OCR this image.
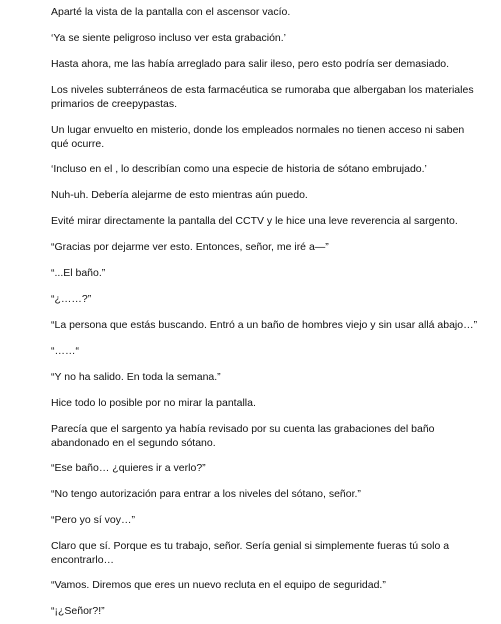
Aparté la vista de la pantalla con el ascensor vacío.

‘Ya se siente peligroso incluso ver esta grabación.’

Hasta ahora, me las había arreglado para salir ileso, pero esto podría ser demasiado.

Los niveles subterráneos de esta farmacéutica se rumoraba que albergaban los materiales
primarios de creepypastas.

Un lugar envuelto en misterio, donde los empleados normales no tienen acceso ni saben
qué ocurre.

‘Incluso en el , lo describían como una especie de historia de sótano embrujado.’

Nuh-uh. Debería alejarme de esto mientras aún puedo.

Evité mirar directamente la pantalla del CCTV y le hice una leve reverencia al sargento.

“Gracias por dejarme ver esto. Entonces, señor, me iré a—”

“...El baño.”

“¿……?”

“La persona que estás buscando. Entró a un baño de hombres viejo y sin usar allá abajo…”

“……“

“Y no ha salido. En toda la semana.”

Hice todo lo posible por no mirar la pantalla.

Parecía que el sargento ya había revisado por su cuenta las grabaciones del baño
abandonado en el segundo sótano.

“Ese baño… ¿quieres ir a verlo?”

“No tengo autorización para entrar a los niveles del sótano, señor.”

“Pero yo sí voy…”

Claro que sí. Porque es tu trabajo, señor. Sería genial si simplemente fueras tú solo a
encontrarlo…

“Vamos. Diremos que eres un nuevo recluta en el equipo de seguridad.”

“¡¿Señor?!”
